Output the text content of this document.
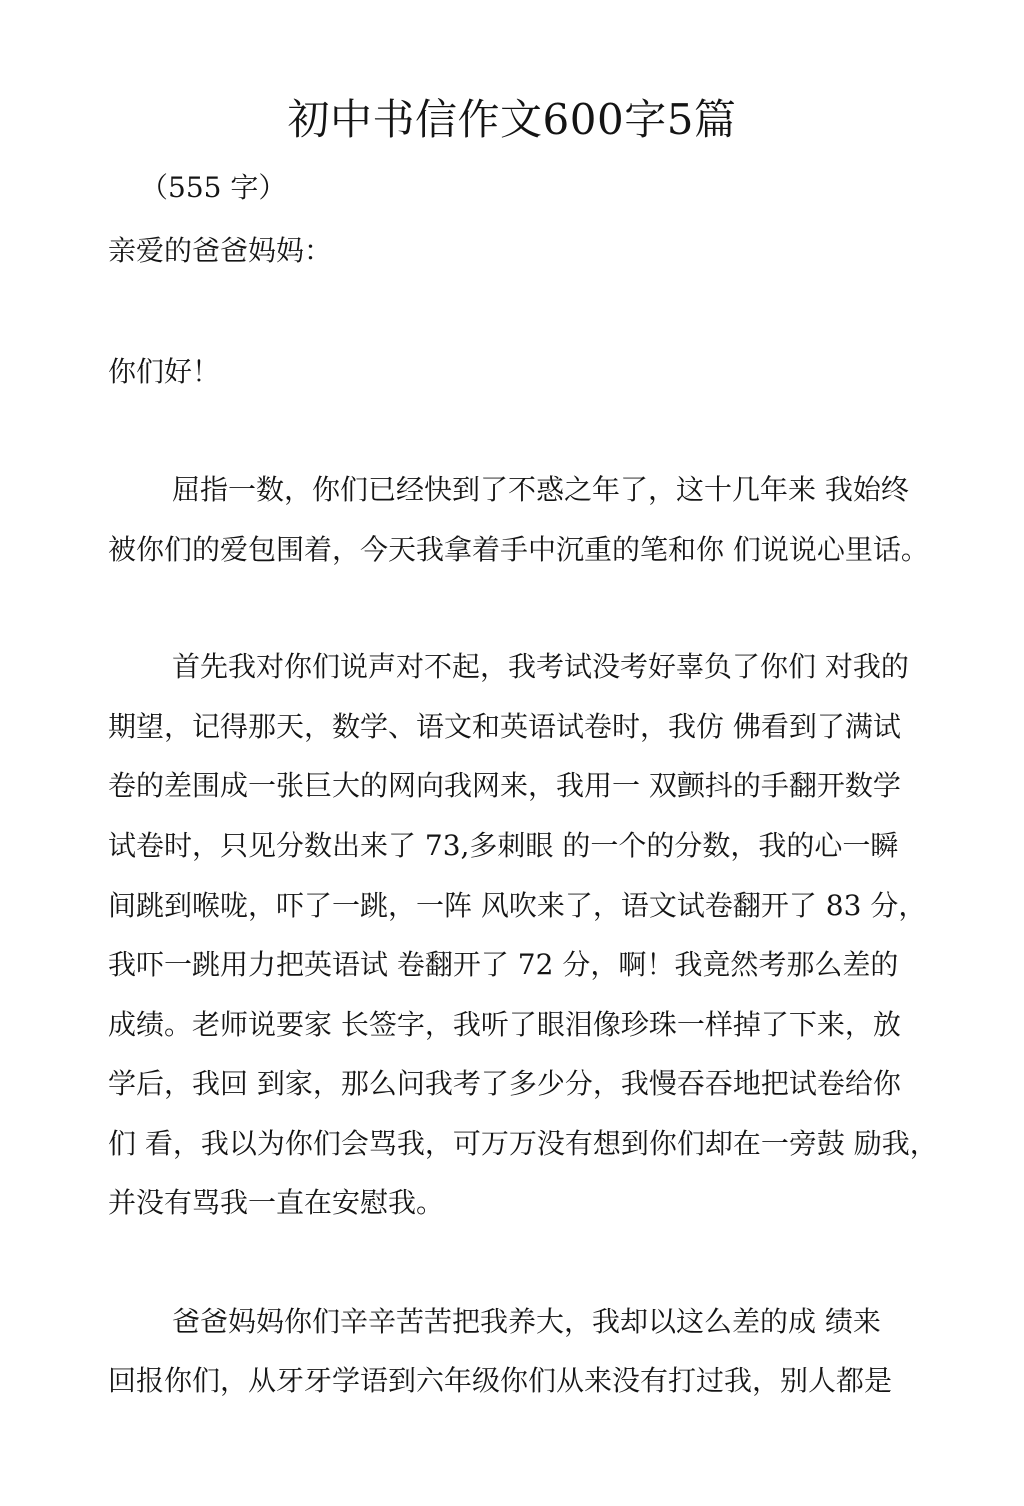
初中书信作文600字5篇
（555 字）
亲爱的爸爸妈妈：
你们好！
屈指一数，你们已经快到了不惑之年了，这十几年来 我始终
被你们的爱包围着，今天我拿着手中沉重的笔和你 们说说心里话。
首先我对你们说声对不起，我考试没考好辜负了你们 对我的
期望，记得那天，数学、语文和英语试卷时，我仿 佛看到了满试
卷的差围成一张巨大的网向我网来，我用一 双颤抖的手翻开数学
试卷时，只见分数出来了 73,多刺眼 的一个的分数，我的心一瞬
间跳到喉咙，吓了一跳，一阵 风吹来了，语文试卷翻开了 83 分，
我吓一跳用力把英语试 卷翻开了 72 分，啊！我竟然考那么差的
成绩。老师说要家 长签字，我听了眼泪像珍珠一样掉了下来，放
学后，我回 到家，那么问我考了多少分，我慢吞吞地把试卷给你
们 看，我以为你们会骂我，可万万没有想到你们却在一旁鼓 励我，
并没有骂我一直在安慰我。
爸爸妈妈你们辛辛苦苦把我养大，我却以这么差的成 绩来
回报你们，从牙牙学语到六年级你们从来没有打过我，别人都是
